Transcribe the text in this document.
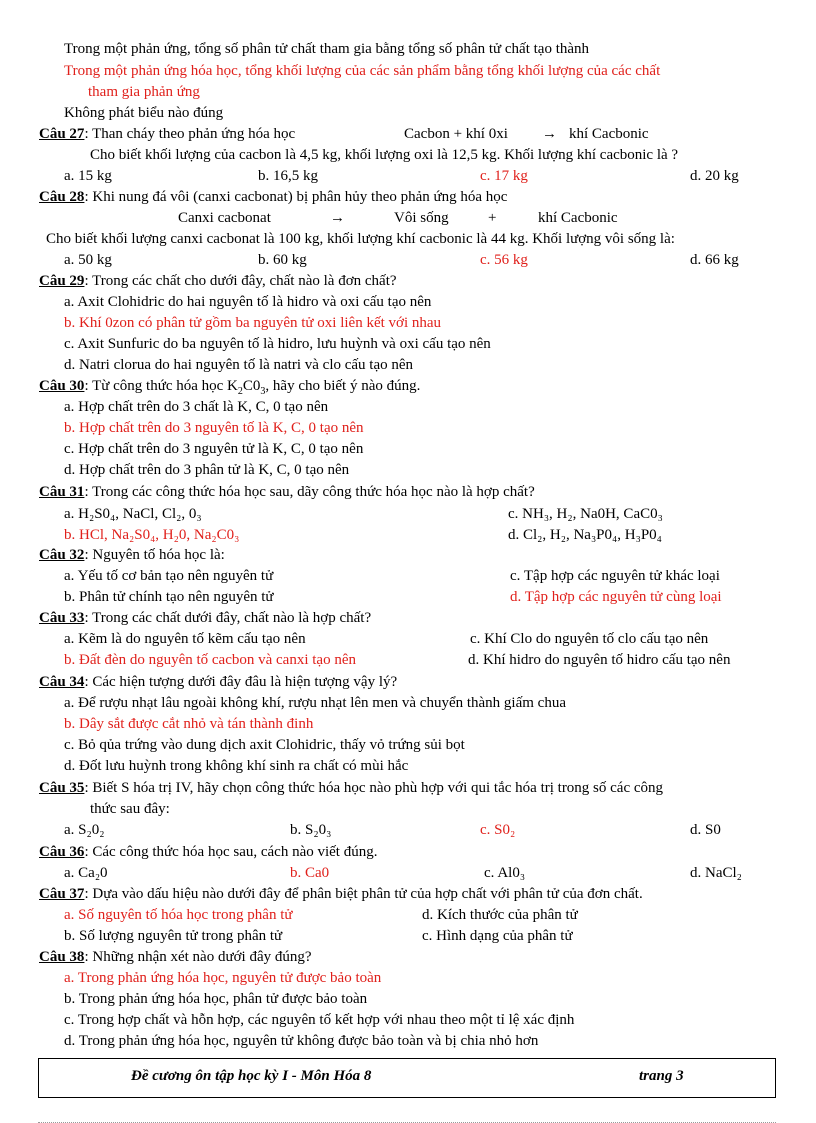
Trong một phản ứng, tổng số phân tử chất tham gia bằng tổng số phân tử chất tạo thành
Trong một phản ứng hóa học, tổng khối lượng của các sản phẩm bằng tổng khối lượng của các chất
tham gia phản ứng
Không phát biểu nào đúng
Câu 27: Than cháy theo phản ứng hóa học	Cacbon + khí 0xi → khí Cacbonic
Cho biết khối lượng của cacbon là 4,5 kg, khối lượng oxi là 12,5 kg. Khối lượng khí cacbonic là ?
a. 15 kg	b. 16,5 kg	c. 17 kg	d. 20 kg
Câu 28: Khi nung đá vôi (canxi cacbonat) bị phân hủy theo phản ứng hóa học
Canxi cacbonat	→	Vôi sống	+	khí Cacbonic
Cho biết khối lượng canxi cacbonat là 100 kg, khối lượng khí cacbonic là 44 kg. Khối lượng vôi sống là:
a. 50 kg	b. 60 kg	c. 56 kg	d. 66 kg
Câu 29: Trong các chất cho dưới đây, chất nào là đơn chất?
a. Axit Clohidric do hai nguyên tố là hidro và oxi cấu tạo nên
b. Khí 0zon có phân tử gồm ba nguyên tử oxi liên kết với nhau
c. Axit Sunfuric do ba nguyên tố là hidro, lưu huỳnh và oxi cấu tạo nên
d. Natri clorua do hai nguyên tố là natri và clo cấu tạo nên
Câu 30: Từ công thức hóa học $K_2C0_3$, hãy cho biết ý nào đúng.
a. Hợp chất trên do 3 chất là K, C, 0 tạo nên
b. Hợp chất trên do 3 nguyên tố là K, C, 0 tạo nên
c. Hợp chất trên do 3 nguyên tử là K, C, 0 tạo nên
d. Hợp chất trên do 3 phân tử là K, C, 0 tạo nên
Câu 31: Trong các công thức hóa học sau, dãy công thức hóa học nào là hợp chất?
a. H₂S0₄, NaCl, Cl₂, 0₃	c. NH₃, H₂, Na0H, CaC0₃
b. HCl, Na₂S0₄, H₂0, Na₂C0₃	d. Cl₂, H₂, Na₃P0₄, H₃P0₄
Câu 32: Nguyên tố hóa học là:
a. Yếu tố cơ bản tạo nên nguyên tử	c. Tập hợp các nguyên tử khác loại
b. Phân tử chính tạo nên nguyên tử	d. Tập hợp các nguyên tử cùng loại
Câu 33: Trong các chất dưới đây, chất nào là hợp chất?
a. Kẽm là do nguyên tố kẽm cấu tạo nên	c. Khí Clo do nguyên tố clo cấu tạo nên
b. Đất đèn do nguyên tố cacbon và canxi tạo nên	d. Khí hidro do nguyên tố hidro cấu tạo nên
Câu 34: Các hiện tượng dưới đây đâu là hiện tượng vậy lý?
a. Để rượu nhạt lâu ngoài không khí, rượu nhạt lên men và chuyển thành giấm chua
b. Dây sắt được cắt nhỏ và tán thành đinh
c. Bỏ qủa trứng vào dung dịch axit Clohidric, thấy vỏ trứng sủi bọt
d. Đốt lưu huỳnh trong không khí sinh ra chất có mùi hắc
Câu 35: Biết S hóa trị IV, hãy chọn công thức hóa học nào phù hợp với qui tắc hóa trị trong số các công
thức sau đây:
a. S₂0₂	b. S₂0₃	c. S0₂	d. S0
Câu 36: Các công thức hóa học sau, cách nào viết đúng.
a. Ca₂0	b. Ca0	c. Al0₃	d. NaCl₂
Câu 37: Dựa vào dấu hiệu nào dưới đây để phân biệt phân tử của hợp chất với phân tử của đơn chất.
a. Số nguyên tố hóa học trong phân tử	d. Kích thước của phân tử
b. Số lượng nguyên tử trong phân tử	c. Hình dạng của phân tử
Câu 38: Những nhận xét nào dưới đây đúng?
a. Trong phản ứng hóa học, nguyên tử được bảo toàn
b. Trong phản ứng hóa học, phân tử được bảo toàn
c. Trong hợp chất và hỗn hợp, các nguyên tố kết hợp với nhau theo một tỉ lệ xác định
d. Trong phản ứng hóa học, nguyên tử không được bảo toàn và bị chia nhỏ hơn
Đề cương ôn tập học kỳ I - Môn Hóa 8	trang 3
